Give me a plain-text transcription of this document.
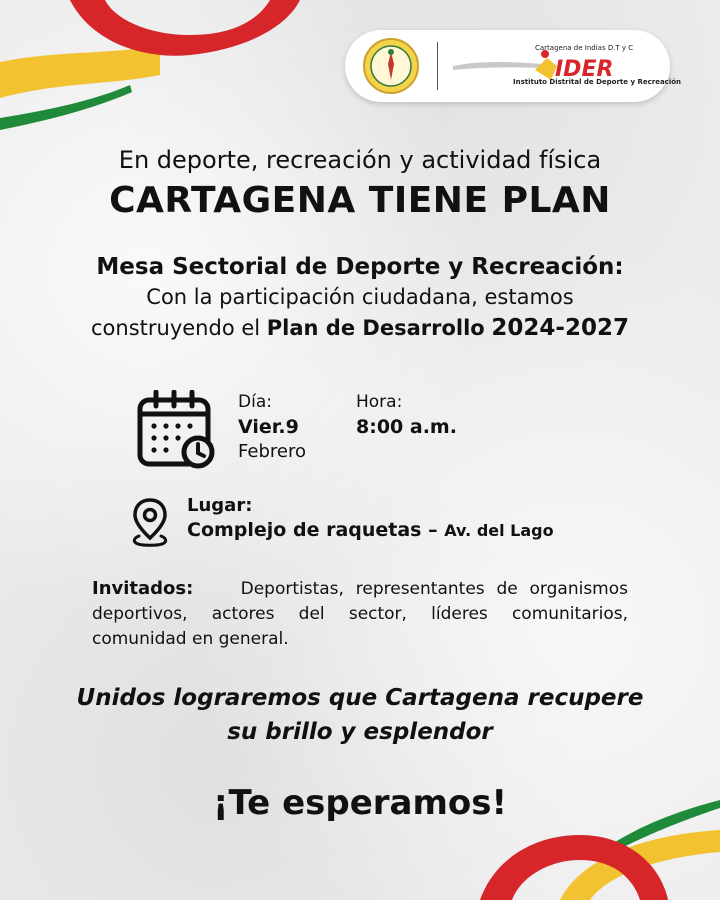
IDER
Cartagena de Indias D.T y C
Instituto Distrital de Deporte y Recreación
En deporte, recreación y actividad física
CARTAGENA TIENE PLAN
Mesa Sectorial de Deporte y Recreación:
Con la participación ciudadana, estamos
construyendo el Plan de Desarrollo 2024-2027
Día:
Vier.9
Febrero
Hora:
8:00 a.m.
Lugar:
Complejo de raquetas – Av. del Lago
Invitados:	Deportistas, representantes de organismos deportivos, actores del sector, líderes comunitarios, comunidad en general.
Unidos lograremos que Cartagena recupere
su brillo y esplendor
¡Te esperamos!
